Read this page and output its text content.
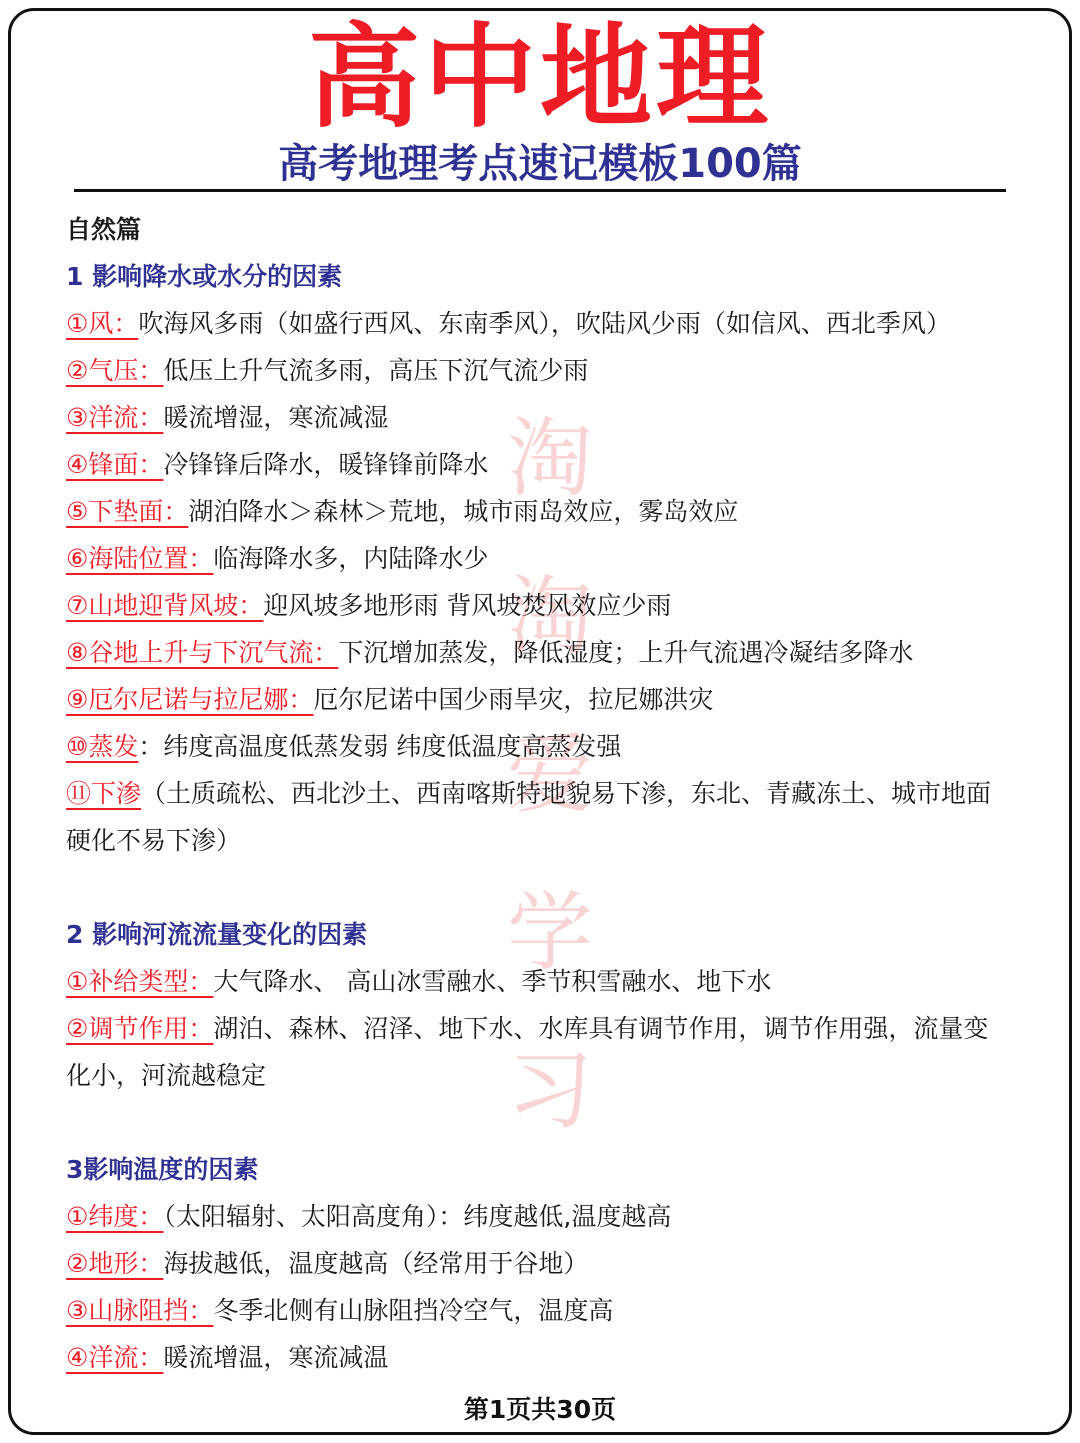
高中地理
高考地理考点速记模板100篇
淘
淘
爱
学
习
自然篇
1 影响降水或水分的因素
①风：吹海风多雨（如盛行西风、东南季风），吹陆风少雨（如信风、西北季风）
②气压：低压上升气流多雨，高压下沉气流少雨
③洋流：暖流增湿，寒流减湿
④锋面：冷锋锋后降水，暖锋锋前降水
⑤下垫面：湖泊降水＞森林＞荒地，城市雨岛效应，雾岛效应
⑥海陆位置：临海降水多，内陆降水少
⑦山地迎背风坡：迎风坡多地形雨 背风坡焚风效应少雨
⑧谷地上升与下沉气流：下沉增加蒸发，降低湿度；上升气流遇冷凝结多降水
⑨厄尔尼诺与拉尼娜：厄尔尼诺中国少雨旱灾，拉尼娜洪灾
⑩蒸发：纬度高温度低蒸发弱 纬度低温度高蒸发强
⑪下渗（土质疏松、西北沙土、西南喀斯特地貌易下渗，东北、青藏冻土、城市地面
硬化不易下渗）
2 影响河流流量变化的因素
①补给类型：大气降水、 高山冰雪融水、季节积雪融水、地下水
②调节作用：湖泊、森林、沼泽、地下水、水库具有调节作用，调节作用强，流量变
化小，河流越稳定
3影响温度的因素
①纬度：（太阳辐射、太阳高度角）：纬度越低,温度越高
②地形：海拔越低，温度越高（经常用于谷地）
③山脉阻挡：冬季北侧有山脉阻挡冷空气，温度高
④洋流：暖流增温，寒流减温
第1页共30页
